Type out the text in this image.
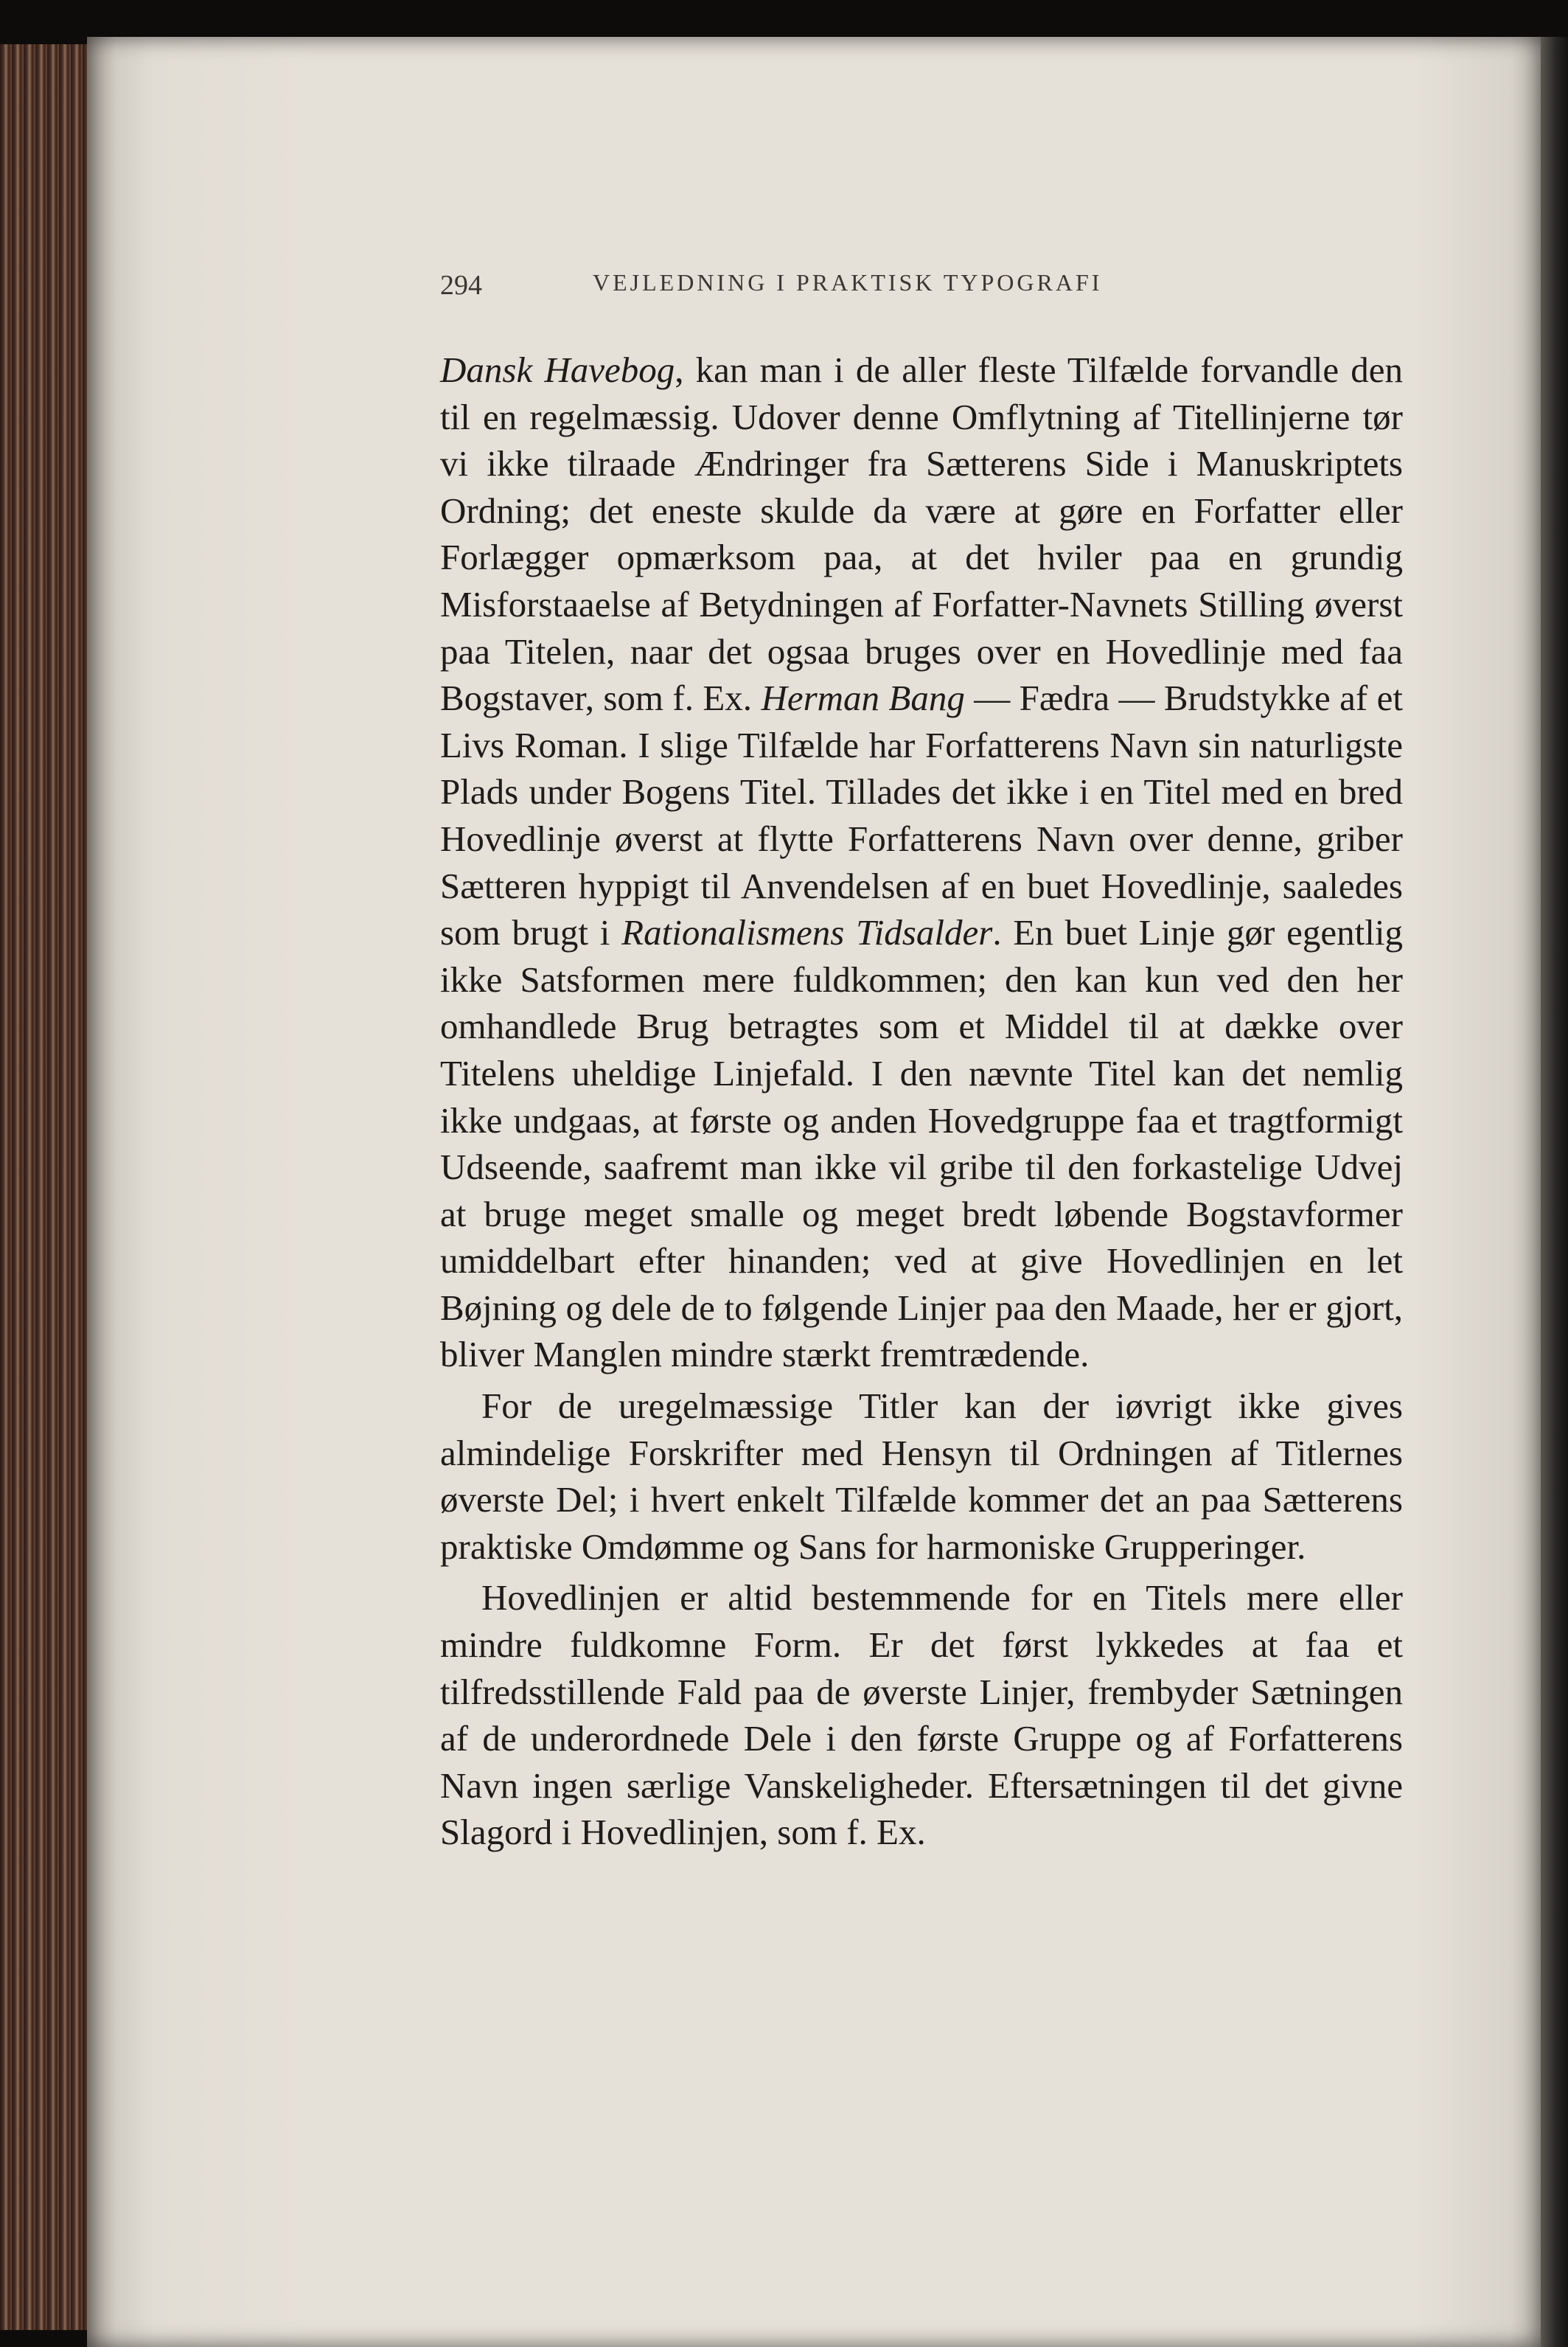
294	VEJLEDNING I PRAKTISK TYPOGRAFI

Dansk Havebog, kan man i de aller fleste Tilfælde forvandle den til en regelmæssig. Udover denne Omflytning af Titellinjerne tør vi ikke tilraade Ændringer fra Sætterens Side i Manuskriptets Ordning; det eneste skulde da være at gøre en Forfatter eller Forlægger opmærksom paa, at det hviler paa en grundig Misforstaaelse af Betydningen af Forfatter-Navnets Stilling øverst paa Titelen, naar det ogsaa bruges over en Hovedlinje med faa Bogstaver, som f. Ex. Herman Bang — Fædra — Brudstykke af et Livs Roman. I slige Tilfælde har Forfatterens Navn sin naturligste Plads under Bogens Titel. Tillades det ikke i en Titel med en bred Hovedlinje øverst at flytte Forfatterens Navn over denne, griber Sætteren hyppigt til Anvendelsen af en buet Hovedlinje, saaledes som brugt i Rationalismens Tidsalder. En buet Linje gør egentlig ikke Satsformen mere fuldkommen; den kan kun ved den her omhandlede Brug betragtes som et Middel til at dække over Titelens uheldige Linjefald. I den nævnte Titel kan det nemlig ikke undgaas, at første og anden Hovedgruppe faa et tragtformigt Udseende, saafremt man ikke vil gribe til den forkastelige Udvej at bruge meget smalle og meget bredt løbende Bogstavformer umiddelbart efter hinanden; ved at give Hovedlinjen en let Bøjning og dele de to følgende Linjer paa den Maade, her er gjort, bliver Manglen mindre stærkt fremtrædende.

For de uregelmæssige Titler kan der iøvrigt ikke gives almindelige Forskrifter med Hensyn til Ordningen af Titlernes øverste Del; i hvert enkelt Tilfælde kommer det an paa Sætterens praktiske Omdømme og Sans for harmoniske Grupperinger.

Hovedlinjen er altid bestemmende for en Titels mere eller mindre fuldkomne Form. Er det først lykkedes at faa et tilfredsstillende Fald paa de øverste Linjer, frembyder Sætningen af de underordnede Dele i den første Gruppe og af Forfatterens Navn ingen særlige Vanskeligheder. Eftersætningen til det givne Slagord i Hovedlinjen, som f. Ex.
